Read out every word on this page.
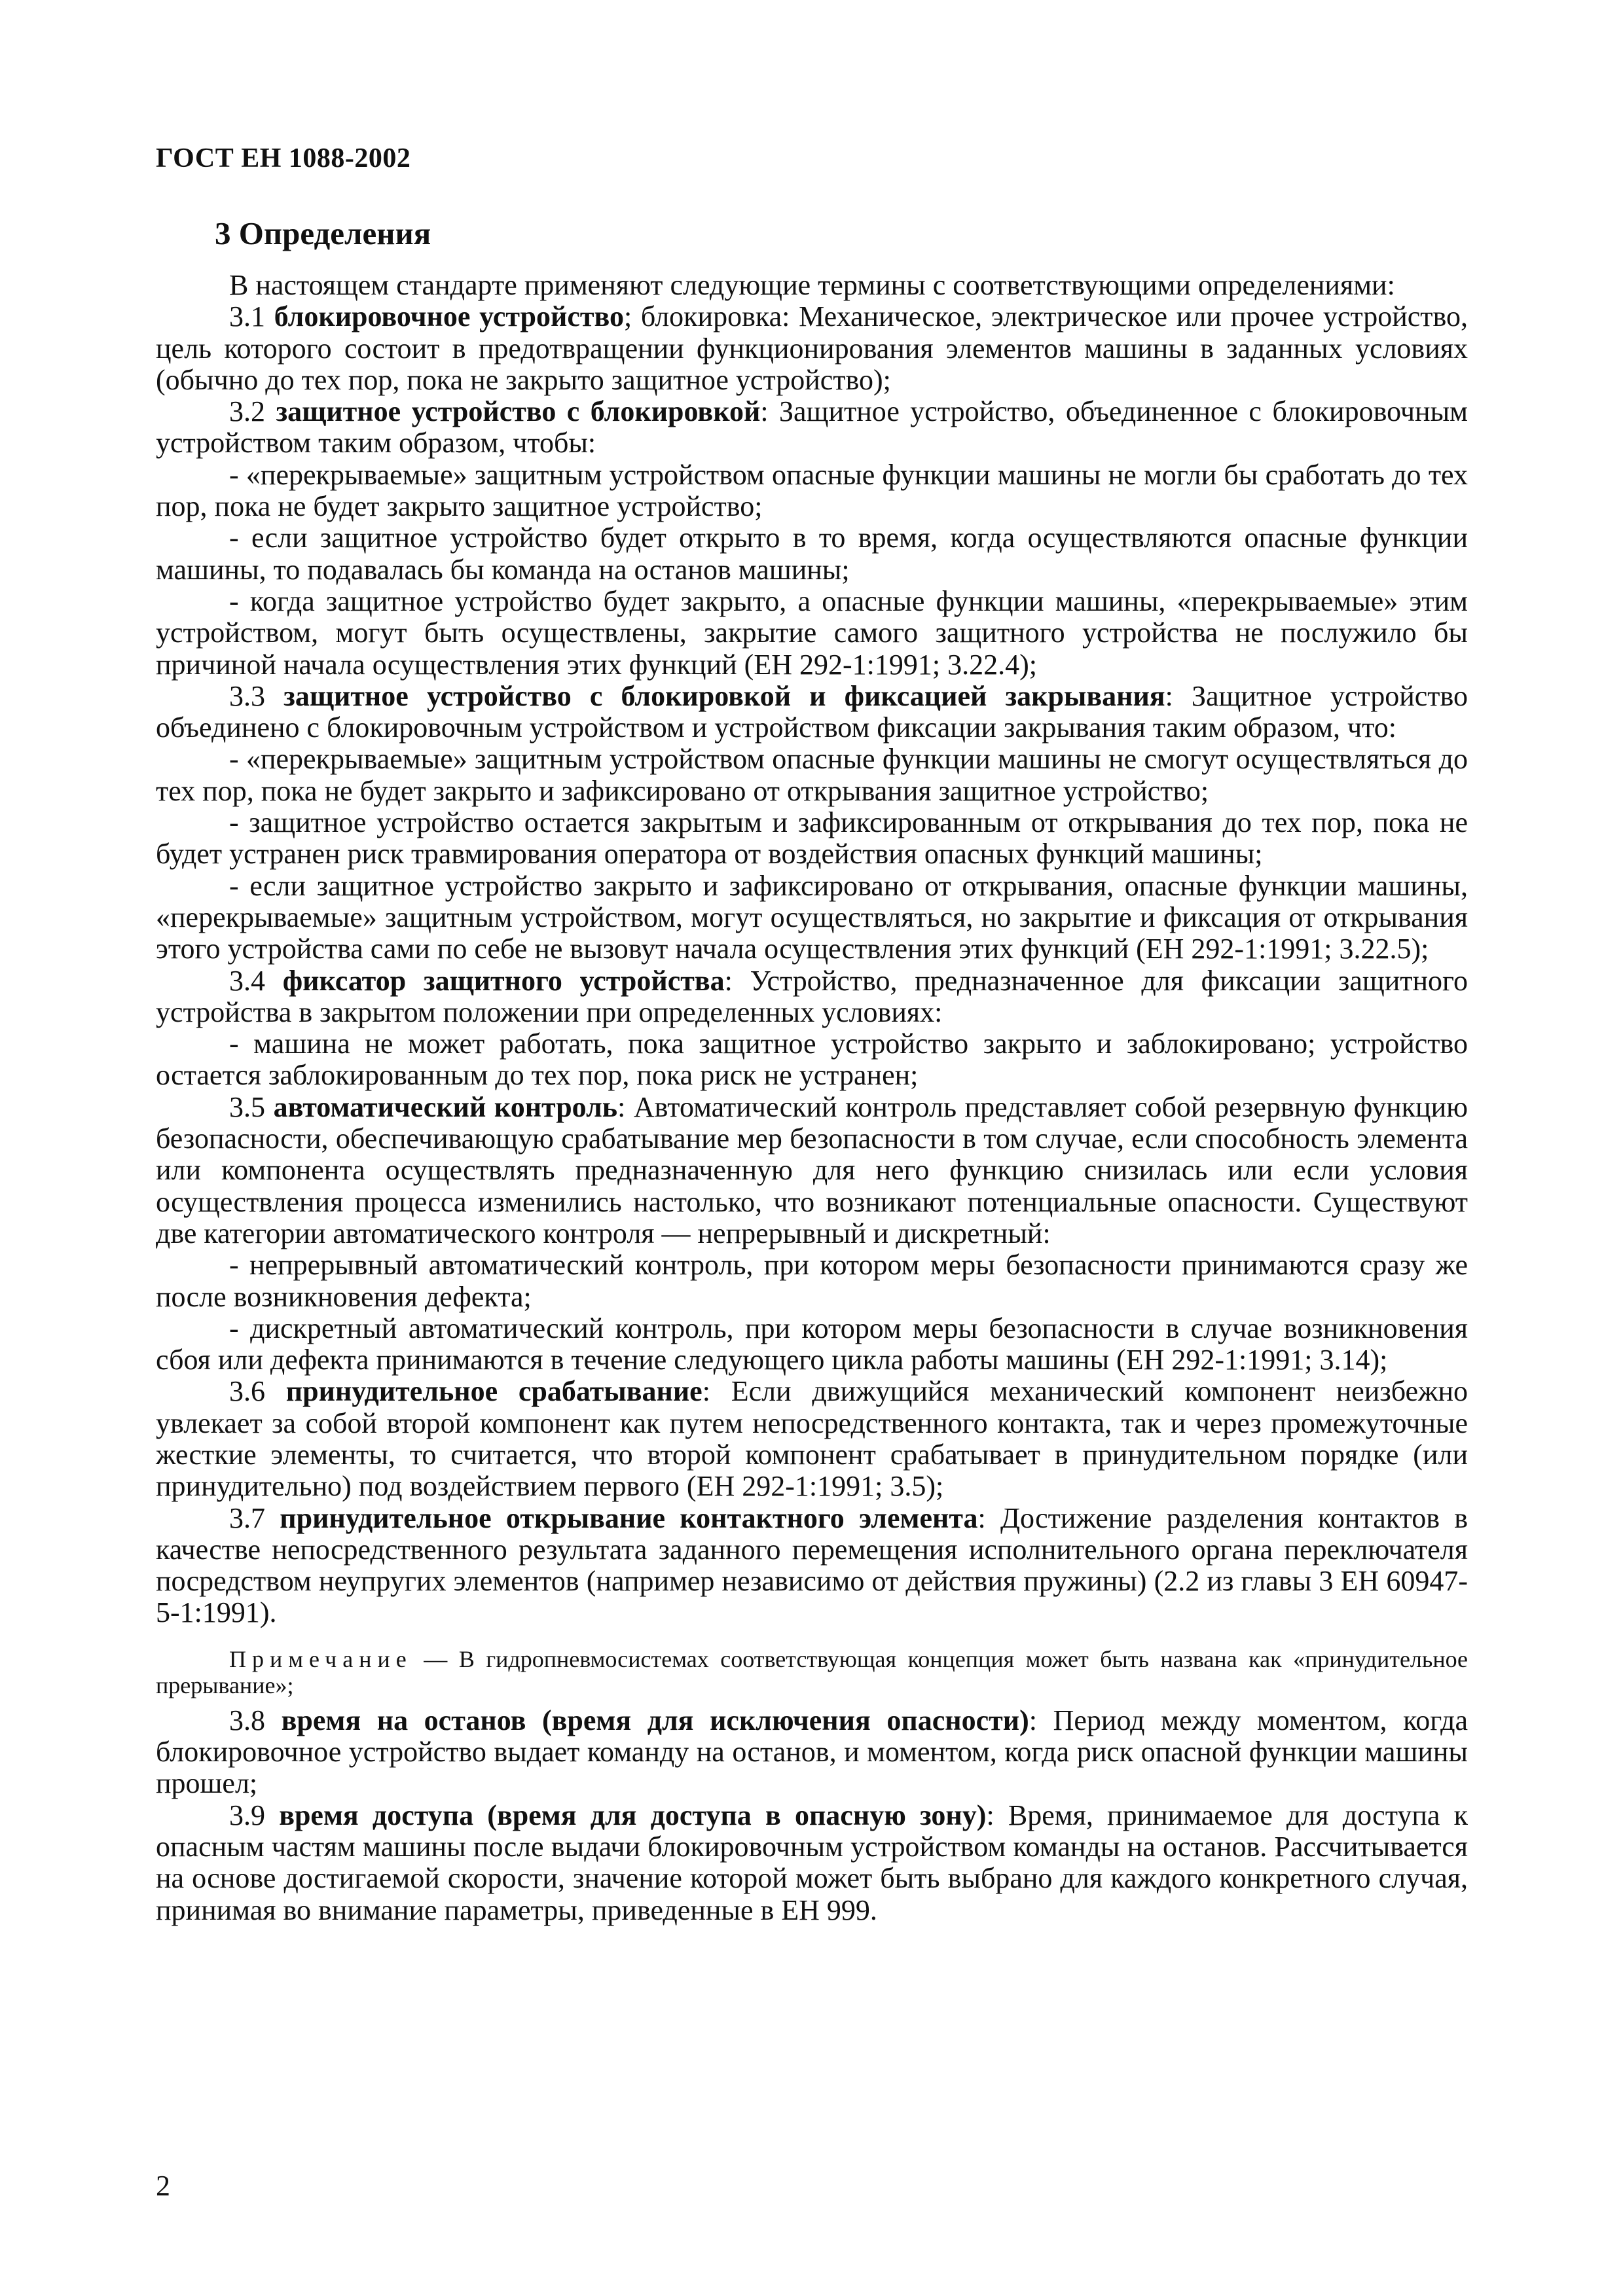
ГОСТ ЕН 1088-2002
3 Определения

В настоящем стандарте применяют следующие термины с соответствующими определениями:

3.1 блокировочное устройство; блокировка: Механическое, электрическое или прочее устройство, цель которого состоит в предотвращении функционирования элементов машины в заданных условиях (обычно до тех пор, пока не закрыто защитное устройство);

3.2 защитное устройство с блокировкой: Защитное устройство, объединенное с блокировочным устройством таким образом, чтобы:

- «перекрываемые» защитным устройством опасные функции машины не могли бы сработать до тех пор, пока не будет закрыто защитное устройство;

- если защитное устройство будет открыто в то время, когда осуществляются опасные функции машины, то подавалась бы команда на останов машины;

- когда защитное устройство будет закрыто, а опасные функции машины, «перекрываемые» этим устройством, могут быть осуществлены, закрытие самого защитного устройства не послужило бы причиной начала осуществления этих функций (ЕН 292-1:1991; 3.22.4);

3.3 защитное устройство с блокировкой и фиксацией закрывания: Защитное устройство объединено с блокировочным устройством и устройством фиксации закрывания таким образом, что:

- «перекрываемые» защитным устройством опасные функции машины не смогут осуществляться до тех пор, пока не будет закрыто и зафиксировано от открывания защитное устройство;

- защитное устройство остается закрытым и зафиксированным от открывания до тех пор, пока не будет устранен риск травмирования оператора от воздействия опасных функций машины;

- если защитное устройство закрыто и зафиксировано от открывания, опасные функции машины, «перекрываемые» защитным устройством, могут осуществляться, но закрытие и фиксация от открывания этого устройства сами по себе не вызовут начала осуществления этих функций (ЕН 292-1:1991; 3.22.5);

3.4 фиксатор защитного устройства: Устройство, предназначенное для фиксации защитного устройства в закрытом положении при определенных условиях:

- машина не может работать, пока защитное устройство закрыто и заблокировано; устройство остается заблокированным до тех пор, пока риск не устранен;

3.5 автоматический контроль: Автоматический контроль представляет собой резервную функцию безопасности, обеспечивающую срабатывание мер безопасности в том случае, если способность элемента или компонента осуществлять предназначенную для него функцию снизилась или если условия осуществления процесса изменились настолько, что возникают потенциальные опасности. Существуют две категории автоматического контроля — непрерывный и дискретный:

- непрерывный автоматический контроль, при котором меры безопасности принимаются сразу же после возникновения дефекта;

- дискретный автоматический контроль, при котором меры безопасности в случае возникновения сбоя или дефекта принимаются в течение следующего цикла работы машины (ЕН 292-1:1991; 3.14);

3.6 принудительное срабатывание: Если движущийся механический компонент неизбежно увлекает за собой второй компонент как путем непосредственного контакта, так и через промежуточные жесткие элементы, то считается, что второй компонент срабатывает в принудительном порядке (или принудительно) под воздействием первого (ЕН 292-1:1991; 3.5);

3.7 принудительное открывание контактного элемента: Достижение разделения контактов в качестве непосредственного результата заданного перемещения исполнительного органа переключателя посредством неупругих элементов (например независимо от действия пружины) (2.2 из главы 3 ЕН 60947-5-1:1991).

Примечание — В гидропневмосистемах соответствующая концепция может быть названа как «принудительное прерывание»;

3.8 время на останов (время для исключения опасности): Период между моментом, когда блокировочное устройство выдает команду на останов, и моментом, когда риск опасной функции машины прошел;

3.9 время доступа (время для доступа в опасную зону): Время, принимаемое для доступа к опасным частям машины после выдачи блокировочным устройством команды на останов. Рассчитывается на основе достигаемой скорости, значение которой может быть выбрано для каждого конкретного случая, принимая во внимание параметры, приведенные в ЕН 999.

2
